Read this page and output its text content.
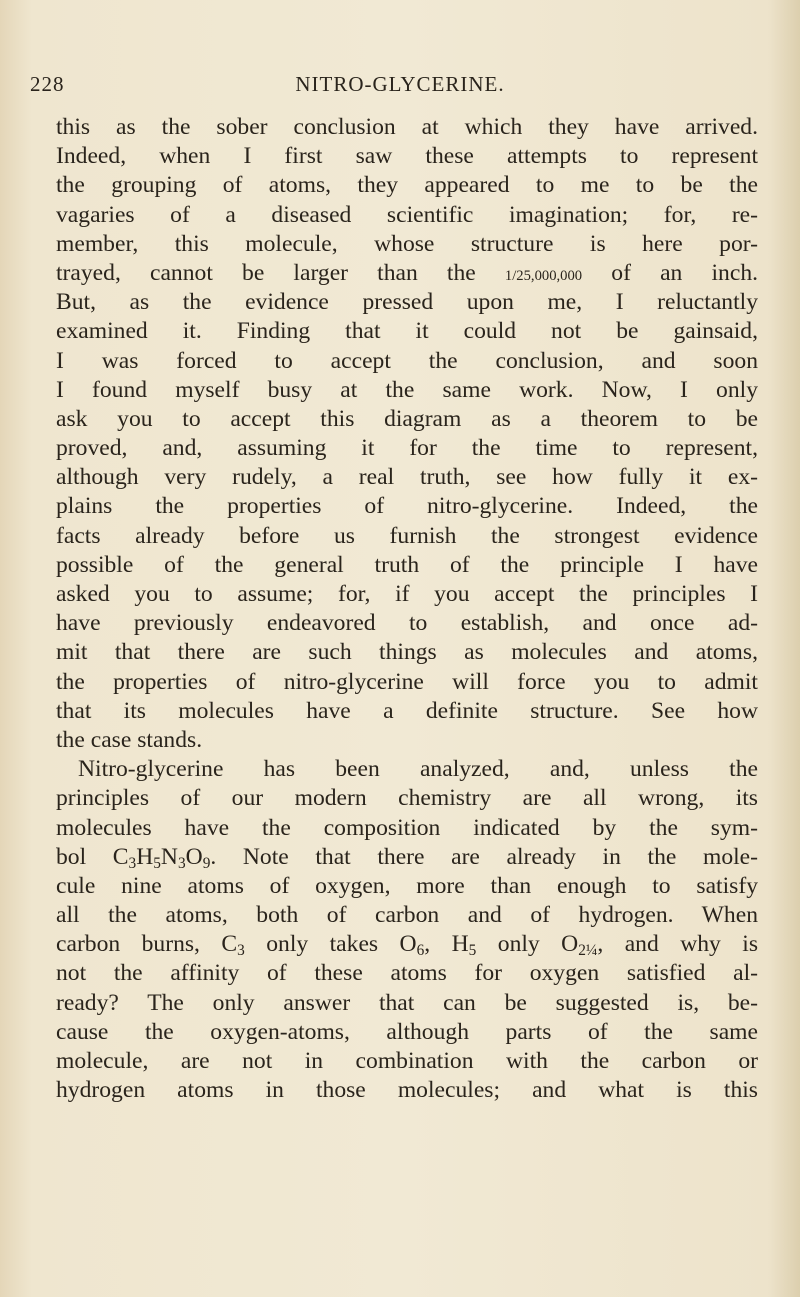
228	NITRO-GLYCERINE.
this as the sober conclusion at which they have arrived.
Indeed, when I first saw these attempts to represent
the grouping of atoms, they appeared to me to be the
vagaries of a diseased scientific imagination; for, re-
member, this molecule, whose structure is here por-
trayed, cannot be larger than the 1/25,000,000 of an inch.
But, as the evidence pressed upon me, I reluctantly
examined it. Finding that it could not be gainsaid,
I was forced to accept the conclusion, and soon
I found myself busy at the same work. Now, I only
ask you to accept this diagram as a theorem to be
proved, and, assuming it for the time to represent,
although very rudely, a real truth, see how fully it ex-
plains the properties of nitro-glycerine. Indeed, the
facts already before us furnish the strongest evidence
possible of the general truth of the principle I have
asked you to assume; for, if you accept the principles I
have previously endeavored to establish, and once ad-
mit that there are such things as molecules and atoms,
the properties of nitro-glycerine will force you to admit
that its molecules have a definite structure. See how
the case stands.
Nitro-glycerine has been analyzed, and, unless the
principles of our modern chemistry are all wrong, its
molecules have the composition indicated by the sym-
bol $C_3H_5N_3O_9$. Note that there are already in the mole-
cule nine atoms of oxygen, more than enough to satisfy
all the atoms, both of carbon and of hydrogen. When
carbon burns, $C_3$ only takes $O_6$, $H_5$ only $O_{2\frac{1}{4}}$, and why is
not the affinity of these atoms for oxygen satisfied al-
ready? The only answer that can be suggested is, be-
cause the oxygen-atoms, although parts of the same
molecule, are not in combination with the carbon or
hydrogen atoms in those molecules; and what is this
